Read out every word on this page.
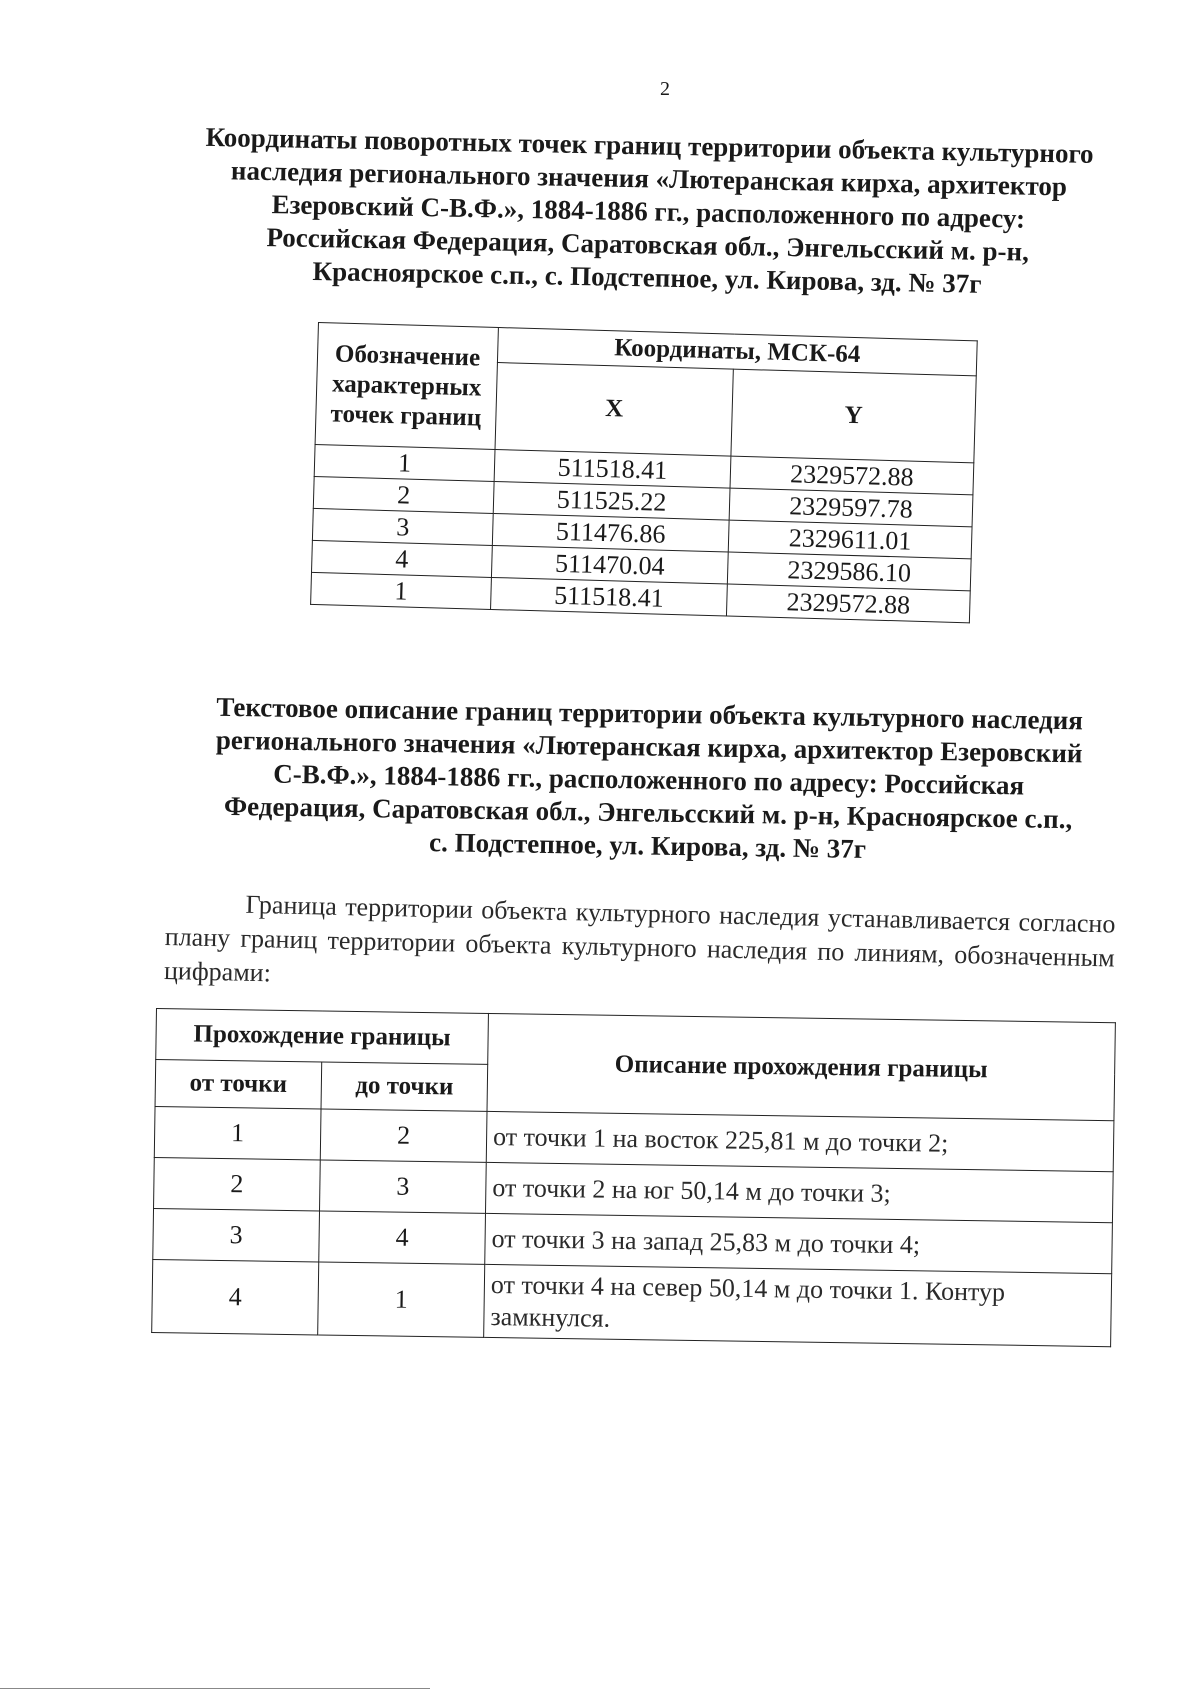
2
Координаты поворотных точек границ территории объекта культурного
наследия регионального значения «Лютеранская кирха, архитектор
Езеровский С-В.Ф.», 1884-1886 гг., расположенного по адресу:
Российская Федерация, Саратовская обл., Энгельсский м. р-н,
Красноярское с.п., с. Подстепное, ул. Кирова, зд. № 37г
Обозначение характерных точек границ	Координаты, МСК-64	
	X	Y
1	511518.41	2329572.88
2	511525.22	2329597.78
3	511476.86	2329611.01
4	511470.04	2329586.10
1	511518.41	2329572.88
Текстовое описание границ территории объекта культурного наследия
регионального значения «Лютеранская кирха, архитектор Езеровский
С-В.Ф.», 1884-1886 гг., расположенного по адресу: Российская
Федерация, Саратовская обл., Энгельсский м. р-н, Красноярское с.п.,
с. Подстепное, ул. Кирова, зд. № 37г
Граница территории объекта культурного наследия устанавливается согласно плану границ территории объекта культурного наследия по линиям, обозначенным цифрами:
Прохождение границы		Описание прохождения границы
от точки	до точки	
1	2	от точки 1 на восток 225,81 м до точки 2;
2	3	от точки 2 на юг 50,14 м до точки 3;
3	4	от точки 3 на запад 25,83 м до точки 4;
4	1	от точки 4 на север 50,14 м до точки 1. Контур замкнулся.
